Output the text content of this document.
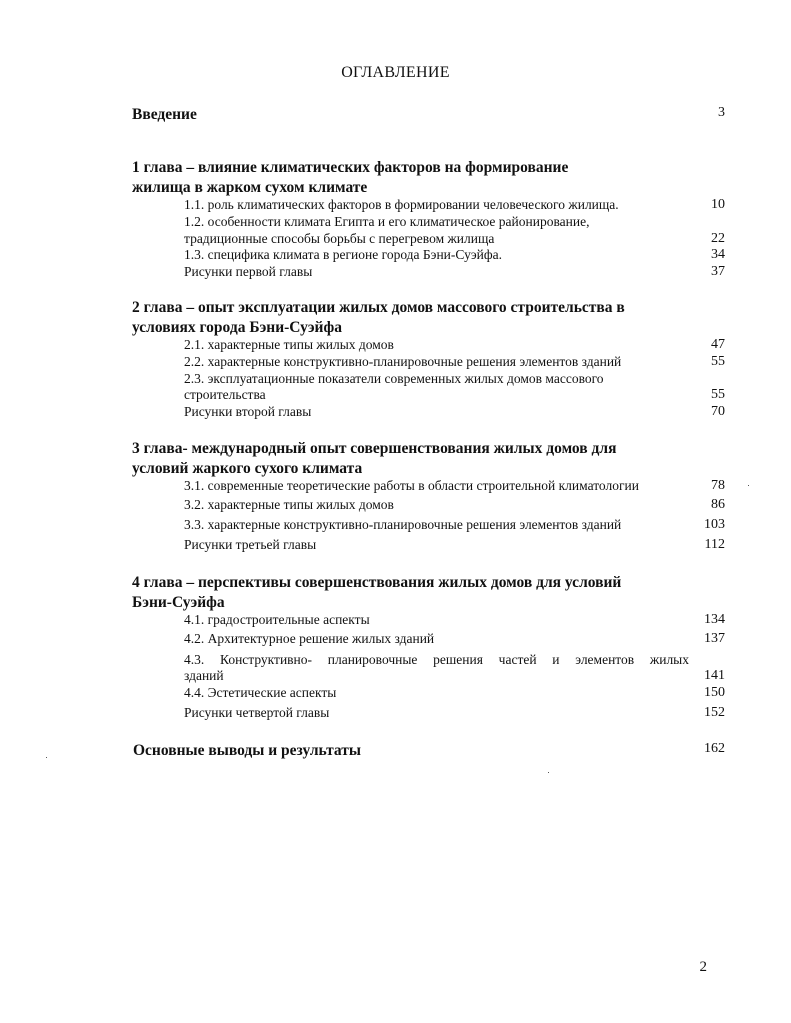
ОГЛАВЛЕНИЕ
Введение	3
1 глава – влияние климатических факторов на формирование
жилища в жарком сухом климате
1.1. роль климатических факторов в формировании человеческого жилища.	10
1.2. особенности климата Египта и его климатическое районирование,
традиционные способы борьбы с перегревом жилища	22
1.3. специфика климата в регионе города Бэни-Суэйфа.	34
Рисунки первой главы	37
2 глава – опыт эксплуатации жилых домов массового строительства в
условиях города Бэни-Суэйфа
2.1. характерные типы жилых домов	47
2.2. характерные конструктивно-планировочные решения элементов зданий	55
2.3. эксплуатационные показатели современных жилых домов массового
строительства	55
Рисунки второй главы	70
3 глава- международный опыт совершенствования жилых домов для
условий жаркого сухого климата
3.1. современные теоретические работы в области строительной климатологии	78
3.2. характерные типы жилых домов	86
3.3. характерные конструктивно-планировочные решения элементов зданий	103
Рисунки третьей главы	112
4 глава – перспективы совершенствования жилых домов для условий
Бэни-Суэйфа
4.1. градостроительные аспекты	134
4.2. Архитектурное решение жилых зданий	137
4.3. Конструктивно- планировочные решения частей и элементов жилых
зданий	141
4.4. Эстетические аспекты	150
Рисунки четвертой главы	152
Основные выводы и результаты	162
2
